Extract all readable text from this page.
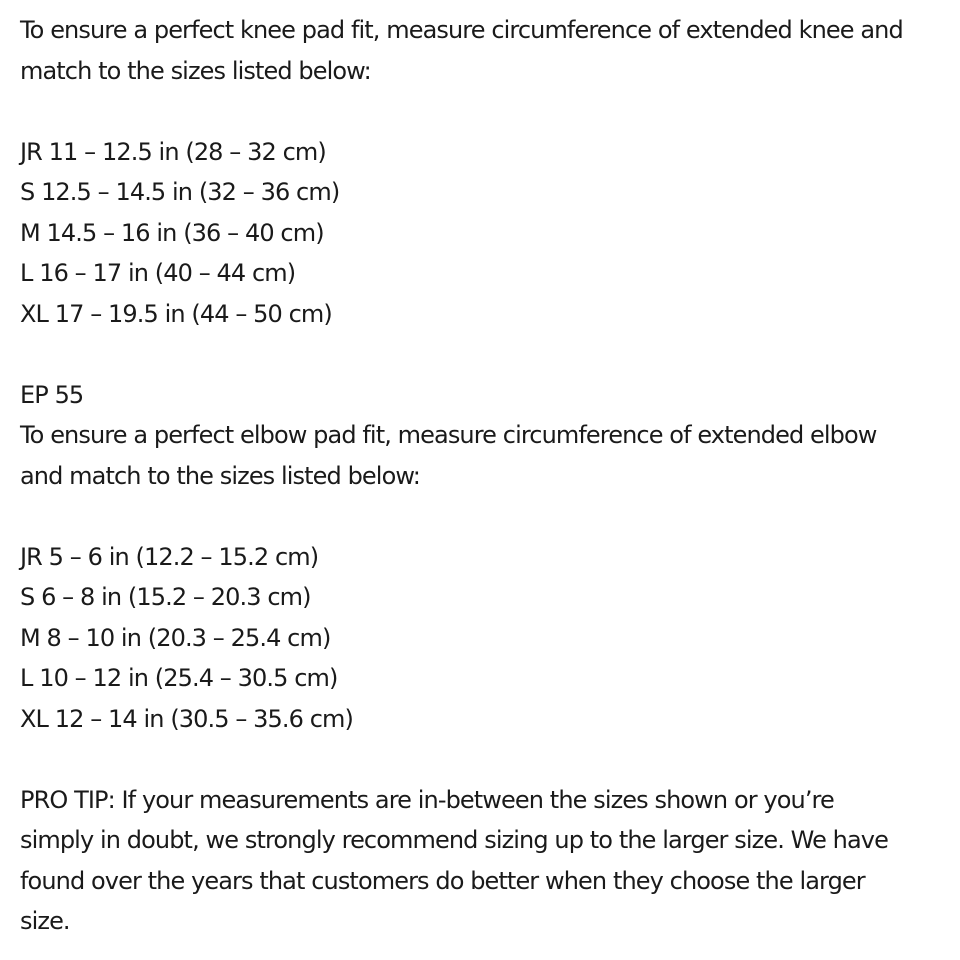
To ensure a perfect knee pad fit, measure circumference of extended knee and
match to the sizes listed below:
JR 11 – 12.5 in (28 – 32 cm)
S 12.5 – 14.5 in (32 – 36 cm)
M 14.5 – 16 in (36 – 40 cm)
L 16 – 17 in (40 – 44 cm)
XL 17 – 19.5 in (44 – 50 cm)
EP 55
To ensure a perfect elbow pad fit, measure circumference of extended elbow
and match to the sizes listed below:
JR 5 – 6 in (12.2 – 15.2 cm)
S 6 – 8 in (15.2 – 20.3 cm)
M 8 – 10 in (20.3 – 25.4 cm)
L 10 – 12 in (25.4 – 30.5 cm)
XL 12 – 14 in (30.5 – 35.6 cm)
PRO TIP: If your measurements are in-between the sizes shown or you’re
simply in doubt, we strongly recommend sizing up to the larger size. We have
found over the years that customers do better when they choose the larger
size.
